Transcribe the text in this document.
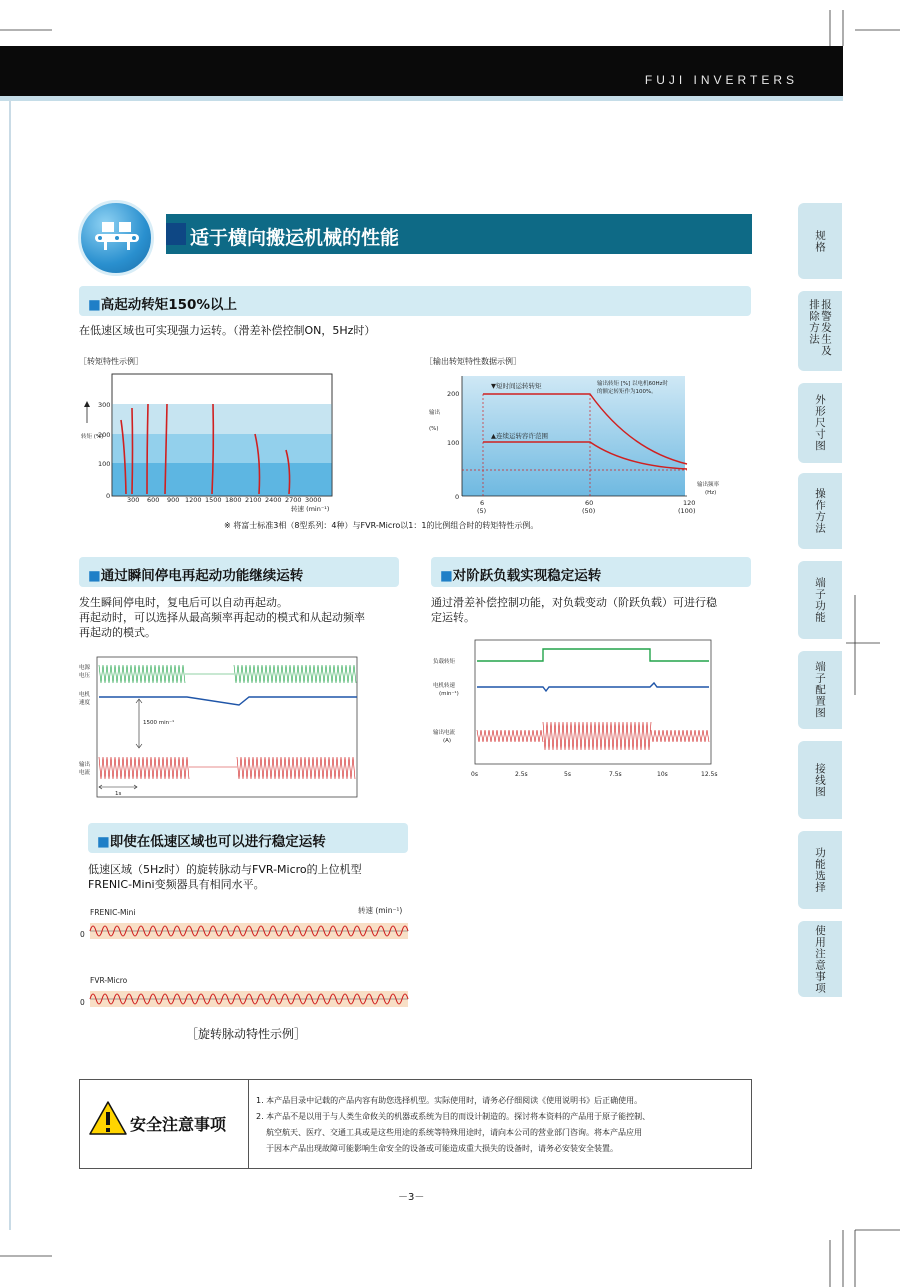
FUJI INVERTERS
规格
报警发生及排除方法
外形尺寸图
操作方法
端子功能
端子配置图
接线图
功能选择
使用注意事项
适于横向搬运机械的性能
■高起动转矩150%以上
在低速区域也可实现强力运转。（滑差补偿控制ON，5Hz时）
［转矩特性示例］	［输出转矩特性数据示例］
300
200
100
0	300 600 900 1200 1500 1800 2100 2400 2700 3000
转速 (min⁻¹)
转矩 (%)
▼短时间运转转矩
▲连续运转容许范围
输出转矩 [%] 以电机60Hz时
的额定转矩作为100%。
200
100
0
6
(5)
60
(50)
120
(100)
输出频率
(Hz)
输出
(%)
※ 将富士标准3相（8型系列：4种）与FVR-Micro以1：1的比例组合时的转矩特性示例。
■通过瞬间停电再起动功能继续运转
发生瞬间停电时，复电后可以自动再起动。
再起动时，可以选择从最高频率再起动的模式和从起动频率
再起动的模式。
电源
电压
电机
速度
输出
电流
1500 min⁻¹
1s
■对阶跃负载实现稳定运转
通过滑差补偿控制功能，对负载变动（阶跃负载）可进行稳
定运转。
负载转矩
电机转速
(min⁻¹)
输出电流
(A)
0s	2.5s	5s	7.5s	10s	12.5s
■即使在低速区域也可以进行稳定运转
低速区域（5Hz时）的旋转脉动与FVR-Micro的上位机型
FRENIC-Mini变频器具有相同水平。
FRENIC-Mini
FVR-Micro
转速 (min⁻¹)
0
0
［旋转脉动特性示例］
安全注意事项
1. 本产品目录中记载的产品内容有助您选择机型。实际使用时，请务必仔细阅读《使用说明书》后正确使用。
2. 本产品不是以用于与人类生命攸关的机器或系统为目的而设计制造的。探讨将本资料的产品用于原子能控制、
航空航天、医疗、交通工具或是这些用途的系统等特殊用途时，请向本公司的营业部门咨询。将本产品应用
于因本产品出现故障可能影响生命安全的设备或可能造成重大损失的设备时，请务必安装安全装置。
－3－
